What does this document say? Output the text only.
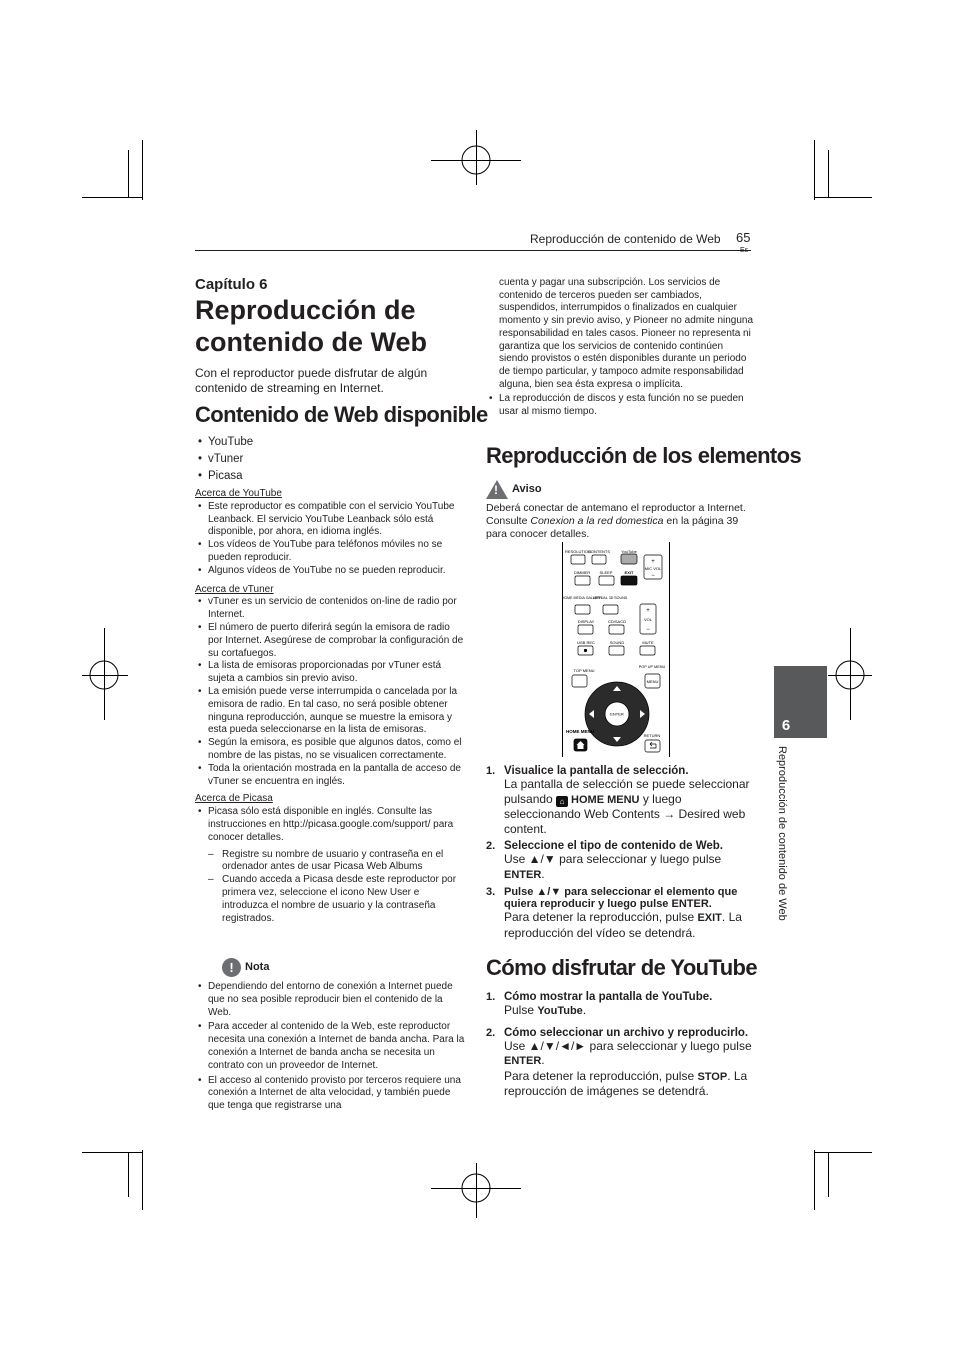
Reproducción de contenido de Web 65
Capítulo 6
Reproducción de contenido de Web
Con el reproductor puede disfrutar de algún contenido de streaming en Internet.
Contenido de Web disponible
• YouTube
• vTuner
• Picasa
Acerca de YouTube
• Este reproductor es compatible con el servicio YouTube Leanback. El servicio YouTube Leanback sólo está disponible, por ahora, en idioma inglés.
• Los vídeos de YouTube para teléfonos móviles no se pueden reproducir.
• Algunos vídeos de YouTube no se pueden reproducir.
Acerca de vTuner
• vTuner es un servicio de contenidos on-line de radio por Internet.
• El número de puerto diferirá según la emisora de radio por Internet. Asegúrese de comprobar la configuración de su cortafuegos.
• La lista de emisoras proporcionadas por vTuner está sujeta a cambios sin previo aviso.
• La emisión puede verse interrumpida o cancelada por la emisora de radio. En tal caso, no será posible obtener ninguna reproducción, aunque se muestre la emisora y esta pueda seleccionarse en la lista de emisoras.
• Según la emisora, es posible que algunos datos, como el nombre de las pistas, no se visualicen correctamente.
• Toda la orientación mostrada en la pantalla de acceso de vTuner se encuentra en inglés.
Acerca de Picasa
• Picasa sólo está disponible en inglés. Consulte las instrucciones en http://picasa.google.com/support/ para conocer detalles.
– Registre su nombre de usuario y contraseña en el ordenador antes de usar Picasa Web Albums
– Cuando acceda a Picasa desde este reproductor por primera vez, seleccione el icono New User e introduzca el nombre de usuario y la contraseña registrados.
!	Nota
• Dependiendo del entorno de conexión a Internet puede que no sea posible reproducir bien el contenido de la Web.
• Para acceder al contenido de la Web, este reproductor necesita una conexión a Internet de banda ancha. Para la conexión a Internet de banda ancha se necesita un contrato con un proveedor de Internet.
• El acceso al contenido provisto por terceros requiere una conexión a Internet de alta velocidad, y también puede que tenga que registrarse una
cuenta y pagar una subscripción. Los servicios de contenido de terceros pueden ser cambiados, suspendidos, interrumpidos o finalizados en cualquier momento y sin previo aviso, y Pioneer no admite ninguna responsabilidad en tales casos. Pioneer no representa ni garantiza que los servicios de contenido continúen siendo provistos o estén disponibles durante un periodo de tiempo particular, y tampoco admite responsabilidad alguna, bien sea ésta expresa o implícita.
• La reproducción de discos y esta función no se pueden usar al mismo tiempo.
Reproducción de los elementos
! Aviso
Deberá conectar de antemano el reproductor a Internet. Consulte Conexion a la red domestica en la página 39 para conocer detalles.
RESOLUTION
CONTENTS	YouTube
+
MIC VOL
−
DIMMER SLEEP	EXIT
HOME MEDIA GALLERY
VIRTUAL 3D SOUND
+
VOL
−
DISPLAY	CD/SACD
USB REC	SOUND	MUTE
TOP MENU
POP UP MENU
MENU
ENTER
HOME MENU
RETURN
1. Visualice la pantalla de selección.
La pantalla de selección se puede seleccionar pulsando ⌂ HOME MENU y luego seleccionando Web Contents → Desired web content.
2. Seleccione el tipo de contenido de Web.
Use ▲/▼ para seleccionar y luego pulse ENTER.
3. Pulse ▲/▼ para seleccionar el elemento que quiera reproducir y luego pulse ENTER.
Para detener la reproducción, pulse EXIT. La reproducción del vídeo se detendrá.
Cómo disfrutar de YouTube
1. Cómo mostrar la pantalla de YouTube.
Pulse YouTube.
2. Cómo seleccionar un archivo y reproducirlo.
Use ▲/▼/◄/► para seleccionar y luego pulse ENTER.
Para detener la reproducción, pulse STOP. La reproucción de imágenes se detendrá.
6
Reproducción de contenido de Web
